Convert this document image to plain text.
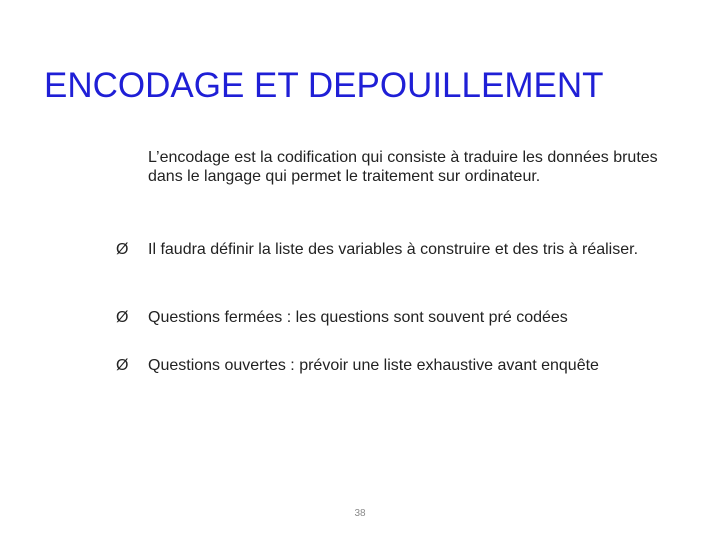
ENCODAGE ET DEPOUILLEMENT

L’encodage est la codification qui consiste à traduire les données brutes dans le langage qui permet le traitement sur ordinateur.

Ø	Il faudra définir la liste des variables à construire et des tris à réaliser.
Ø	Questions fermées : les questions sont souvent pré codées
Ø	Questions ouvertes : prévoir une liste exhaustive avant enquête
38
